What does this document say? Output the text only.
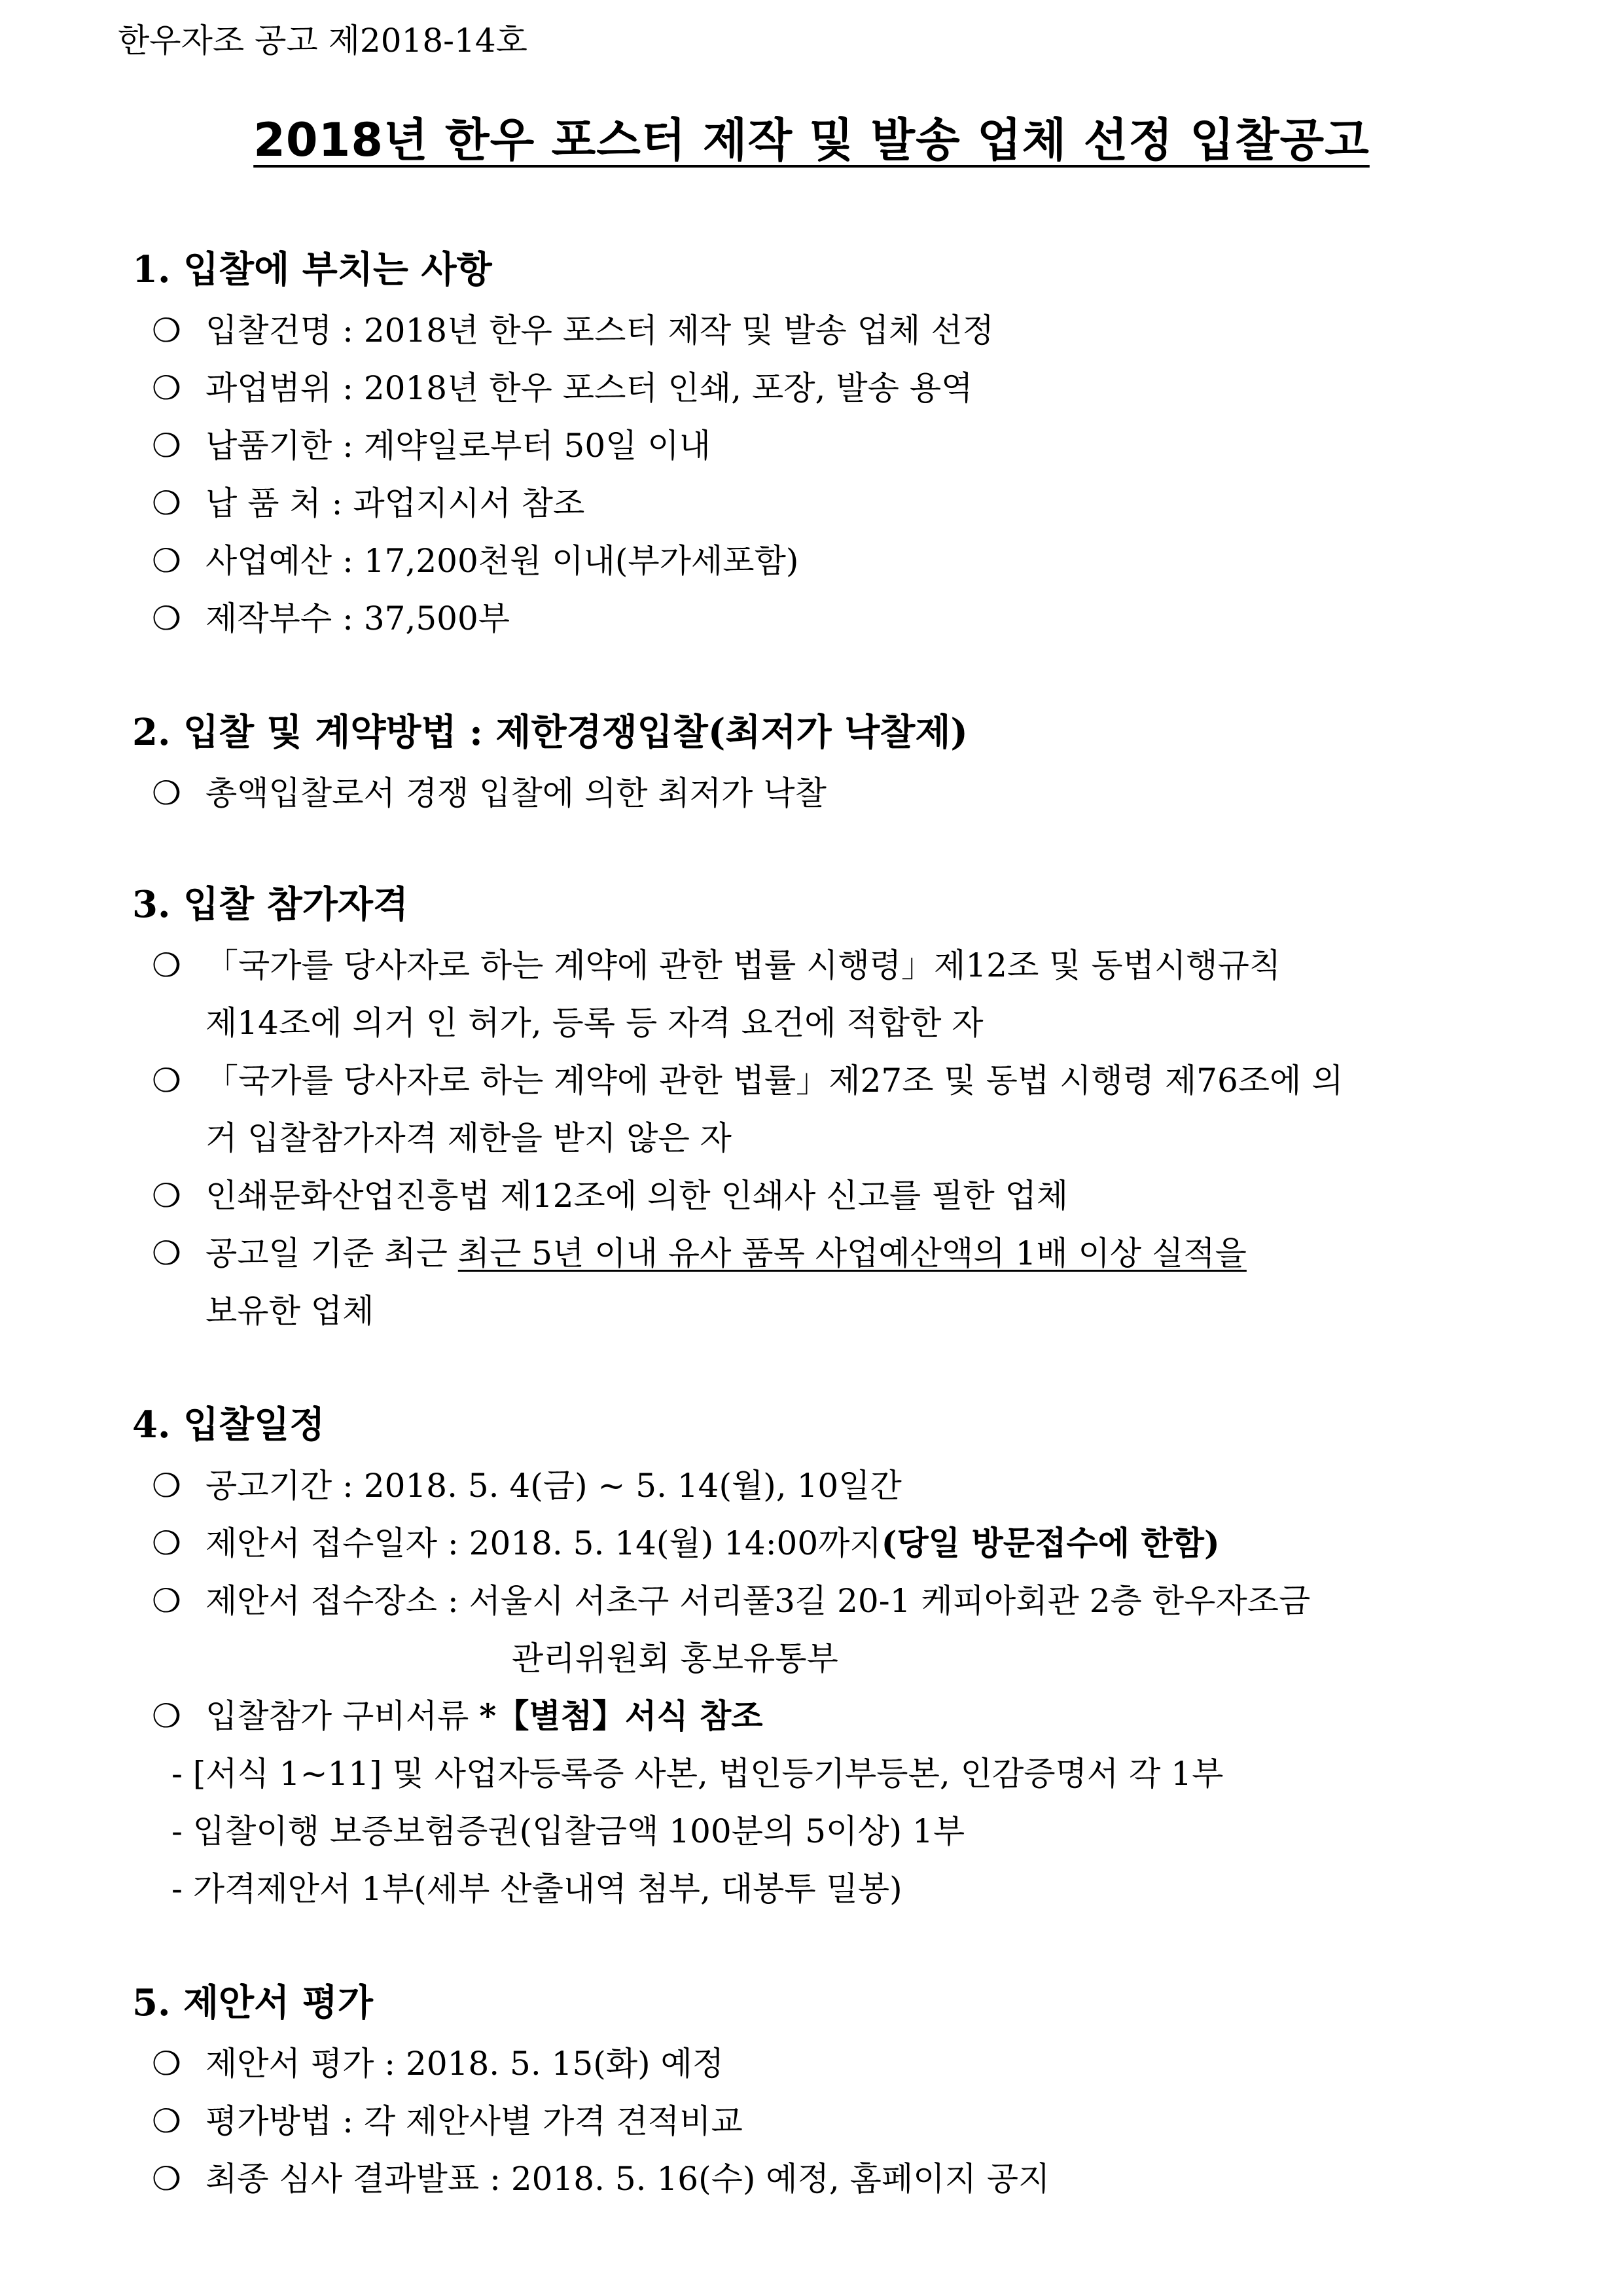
한우자조 공고 제2018-14호
2018년 한우 포스터 제작 및 발송 업체 선정 입찰공고
1. 입찰에 부치는 사항
❍ 입찰건명 : 2018년 한우 포스터 제작 및 발송 업체 선정
❍ 과업범위 : 2018년 한우 포스터 인쇄, 포장, 발송 용역
❍ 납품기한 : 계약일로부터 50일 이내
❍ 납 품 처 : 과업지시서 참조
❍ 사업예산 : 17,200천원 이내(부가세포함)
❍ 제작부수 : 37,500부
2. 입찰 및 계약방법 : 제한경쟁입찰(최저가 낙찰제)
❍ 총액입찰로서 경쟁 입찰에 의한 최저가 낙찰
3. 입찰 참가자격
❍ 「국가를 당사자로 하는 계약에 관한 법률 시행령」제12조 및 동법시행규칙
제14조에 의거 인 허가, 등록 등 자격 요건에 적합한 자
❍ 「국가를 당사자로 하는 계약에 관한 법률」제27조 및 동법 시행령 제76조에 의
거 입찰참가자격 제한을 받지 않은 자
❍ 인쇄문화산업진흥법 제12조에 의한 인쇄사 신고를 필한 업체
❍ 공고일 기준 최근 최근 5년 이내 유사 품목 사업예산액의 1배 이상 실적을
보유한 업체
4. 입찰일정
❍ 공고기간 : 2018. 5. 4(금) ~ 5. 14(월), 10일간
❍ 제안서 접수일자 : 2018. 5. 14(월) 14:00까지(당일 방문접수에 한함)
❍ 제안서 접수장소 : 서울시 서초구 서리풀3길 20-1 케피아회관 2층 한우자조금
관리위원회 홍보유통부
❍ 입찰참가 구비서류 *【별첨】서식 참조
- [서식 1~11] 및 사업자등록증 사본, 법인등기부등본, 인감증명서 각 1부
- 입찰이행 보증보험증권(입찰금액 100분의 5이상) 1부
- 가격제안서 1부(세부 산출내역 첨부, 대봉투 밀봉)
5. 제안서 평가
❍ 제안서 평가 : 2018. 5. 15(화) 예정
❍ 평가방법 : 각 제안사별 가격 견적비교
❍ 최종 심사 결과발표 : 2018. 5. 16(수) 예정, 홈페이지 공지
